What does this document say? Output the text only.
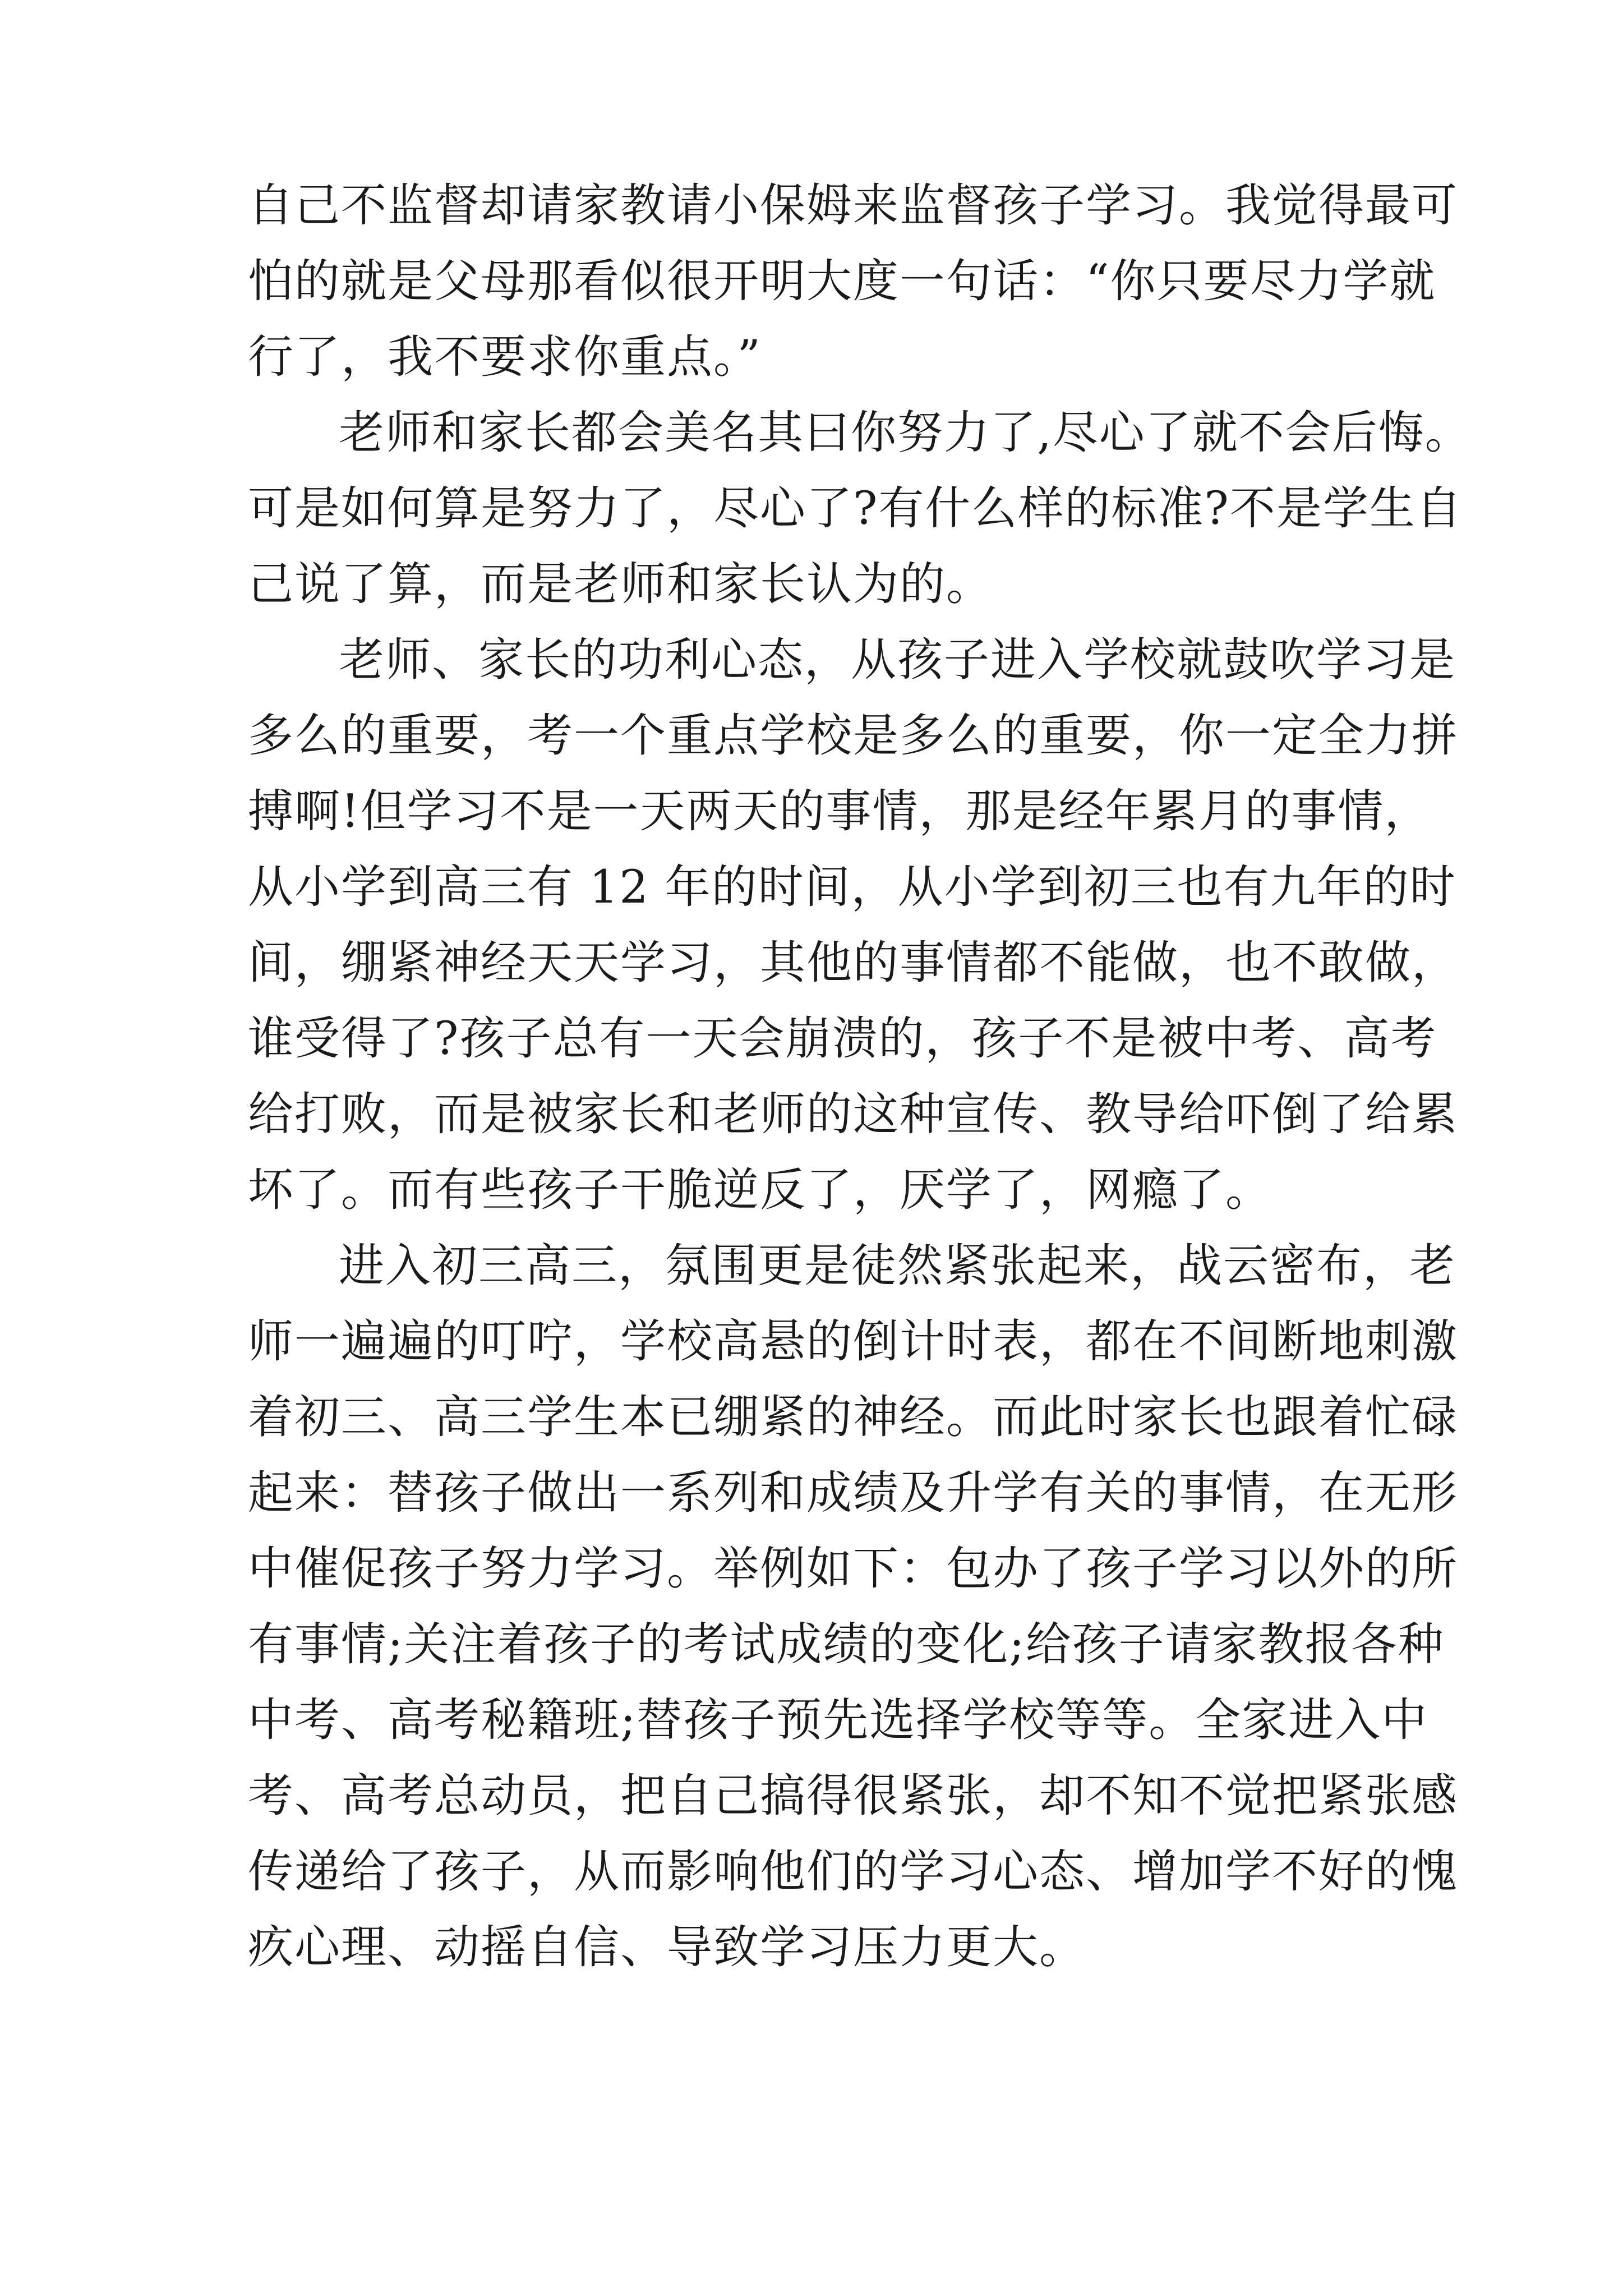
自己不监督却请家教请小保姆来监督孩子学习。我觉得最可
怕的就是父母那看似很开明大度一句话：“你只要尽力学就
行了，我不要求你重点。”
老师和家长都会美名其曰你努力了,尽心了就不会后悔。
可是如何算是努力了，尽心了?有什么样的标准?不是学生自
己说了算，而是老师和家长认为的。
老师、家长的功利心态，从孩子进入学校就鼓吹学习是
多么的重要，考一个重点学校是多么的重要，你一定全力拼
搏啊!但学习不是一天两天的事情，那是经年累月的事情，
从小学到高三有 12 年的时间，从小学到初三也有九年的时
间，绷紧神经天天学习，其他的事情都不能做，也不敢做，
谁受得了?孩子总有一天会崩溃的，孩子不是被中考、高考
给打败，而是被家长和老师的这种宣传、教导给吓倒了给累
坏了。而有些孩子干脆逆反了，厌学了，网瘾了。
进入初三高三，氛围更是徒然紧张起来，战云密布，老
师一遍遍的叮咛，学校高悬的倒计时表，都在不间断地刺激
着初三、高三学生本已绷紧的神经。而此时家长也跟着忙碌
起来：替孩子做出一系列和成绩及升学有关的事情，在无形
中催促孩子努力学习。举例如下：包办了孩子学习以外的所
有事情;关注着孩子的考试成绩的变化;给孩子请家教报各种
中考、高考秘籍班;替孩子预先选择学校等等。全家进入中
考、高考总动员，把自己搞得很紧张，却不知不觉把紧张感
传递给了孩子，从而影响他们的学习心态、增加学不好的愧
疚心理、动摇自信、导致学习压力更大。
